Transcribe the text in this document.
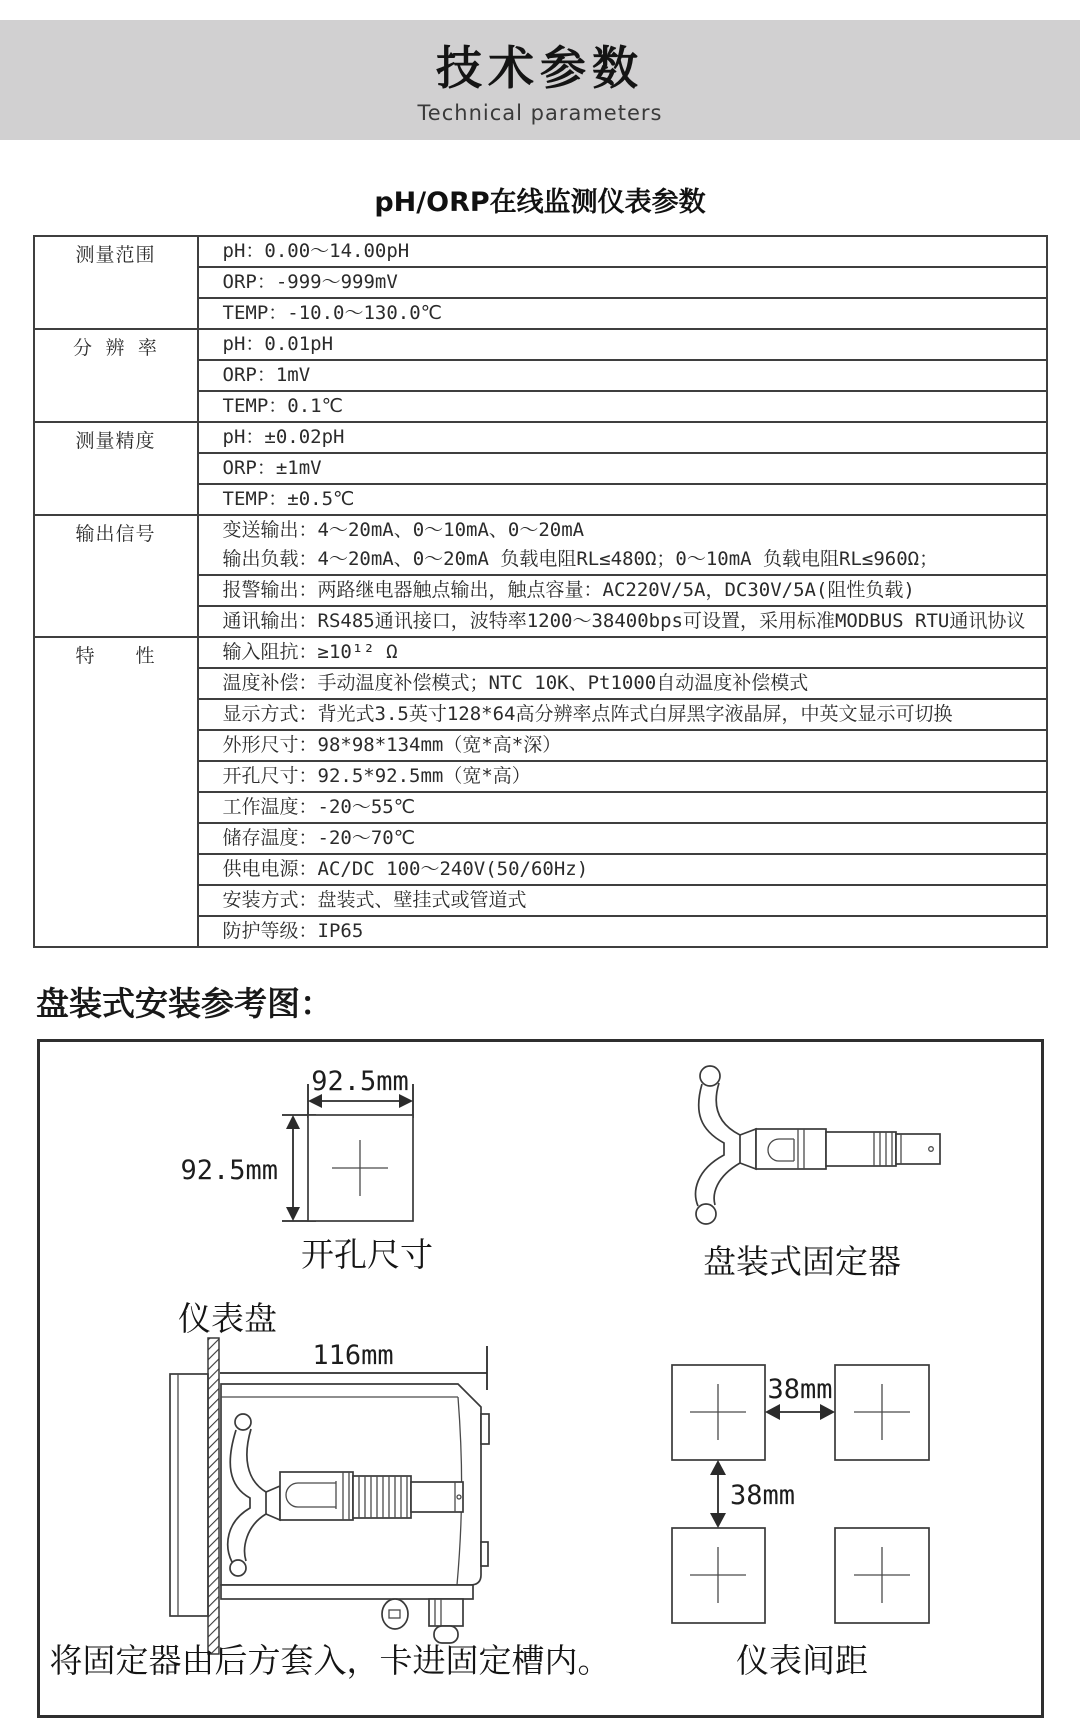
技术参数

Technical parameters

pH/ORP在线监测仪表参数
测量范围	pH：0.00～14.00pH
	ORP：-999～999mV
	TEMP：-10.0～130.0℃
分 辨 率	pH：0.01pH
	ORP：1mV
	TEMP：0.1℃
测量精度	pH：±0.02pH
	ORP：±1mV
	TEMP：±0.5℃
输出信号	变送输出：4～20mA、0～10mA、0～20mA
输出负载：4～20mA、0～20mA 负载电阻RL≤480Ω；0～10mA 负载电阻RL≤960Ω；

	报警输出：两路继电器触点输出，触点容量：AC220V/5A，DC30V/5A(阻性负载)
	通讯输出：RS485通讯接口，波特率1200～38400bps可设置，采用标准MODBUS RTU通讯协议
特　　性	输入阻抗：≥10¹² Ω
	温度补偿：手动温度补偿模式；NTC 10K、Pt1000自动温度补偿模式
	显示方式：背光式3.5英寸128*64高分辨率点阵式白屏黑字液晶屏，中英文显示可切换
	外形尺寸：98*98*134mm（宽*高*深）
	开孔尺寸：92.5*92.5mm（宽*高）
	工作温度：-20～55℃
	储存温度：-20～70℃
	供电电源：AC/DC 100～240V(50/60Hz)
	安装方式：盘装式、壁挂式或管道式
	防护等级：IP65
盘装式安装参考图：
92.5mm
92.5mm
开孔尺寸	盘装式固定器
仪表盘
116mm
将固定器由后方套入，卡进固定槽内。
38mm
38mm
仪表间距
